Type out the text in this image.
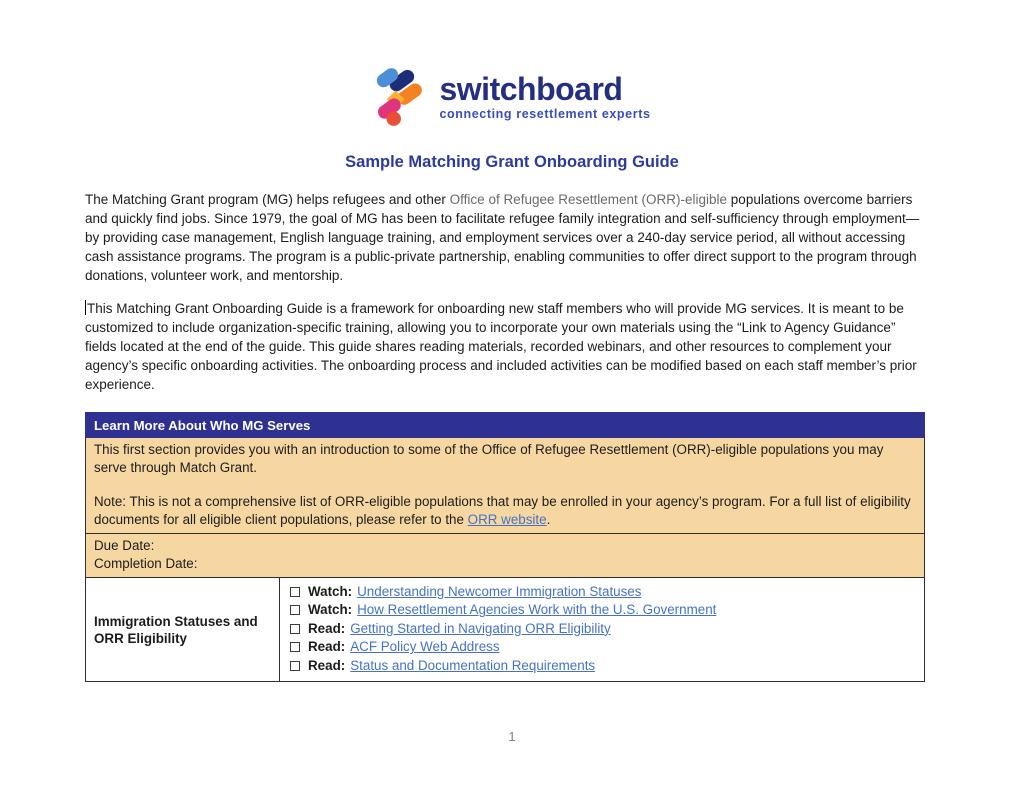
switchboard
connecting resettlement experts
Sample Matching Grant Onboarding Guide

The Matching Grant program (MG) helps refugees and other Office of Refugee Resettlement (ORR)-eligible populations overcome barriers and quickly find jobs. Since 1979, the goal of MG has been to facilitate refugee family integration and self-sufficiency through employment—by providing case management, English language training, and employment services over a 240-day service period, all without accessing cash assistance programs. The program is a public-private partnership, enabling communities to offer direct support to the program through donations, volunteer work, and mentorship.

This Matching Grant Onboarding Guide is a framework for onboarding new staff members who will provide MG services. It is meant to be customized to include organization-specific training, allowing you to incorporate your own materials using the “Link to Agency Guidance” fields located at the end of the guide. This guide shares reading materials, recorded webinars, and other resources to complement your agency’s specific onboarding activities. The onboarding process and included activities can be modified based on each staff member’s prior experience.

Learn More About Who MG Serves
This first section provides you with an introduction to some of the Office of Refugee Resettlement (ORR)-eligible populations you may serve through Match Grant.
Note: This is not a comprehensive list of ORR-eligible populations that may be enrolled in your agency’s program. For a full list of eligibility documents for all eligible client populations, please refer to the ORR website.
Due Date:
Completion Date:
Immigration Statuses and ORR Eligibility
Watch: Understanding Newcomer Immigration Statuses
Watch: How Resettlement Agencies Work with the U.S. Government
Read: Getting Started in Navigating ORR Eligibility
Read: ACF Policy Web Address
Read: Status and Documentation Requirements
1
